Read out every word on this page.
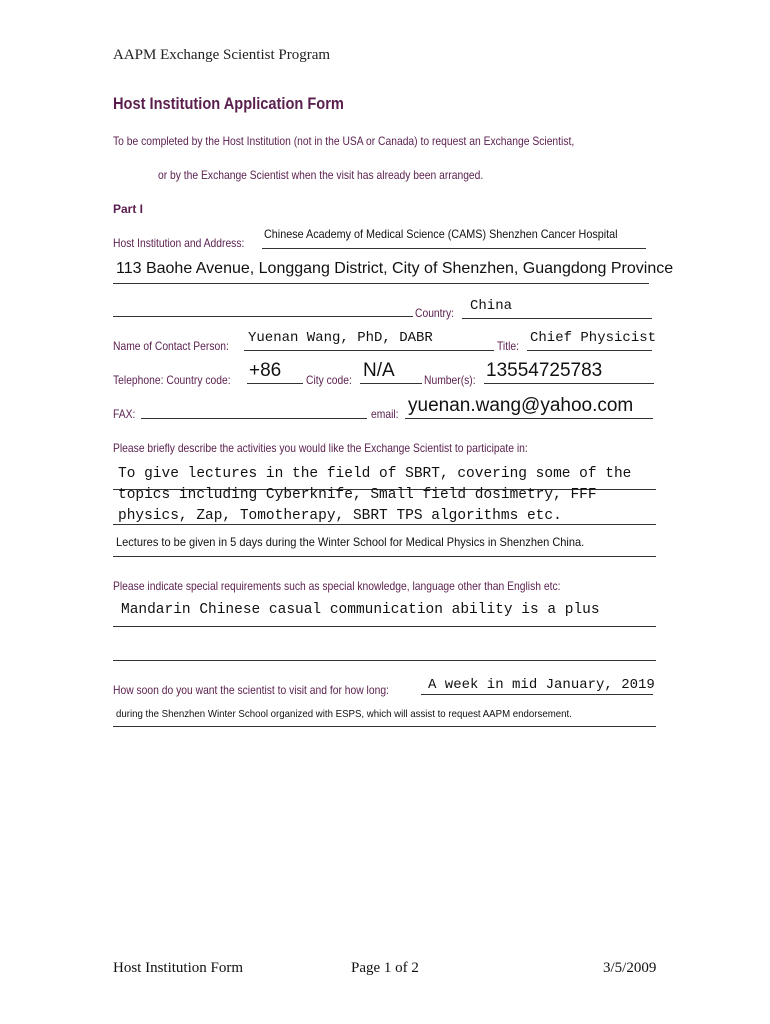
AAPM Exchange Scientist Program
Host Institution Application Form
To be completed by the Host Institution (not in the USA or Canada) to request an Exchange Scientist,
or by the Exchange Scientist when the visit has already been arranged.
Part I
Host Institution and Address:
Chinese Academy of Medical Science (CAMS) Shenzhen Cancer Hospital
113 Baohe Avenue, Longgang District, City of Shenzhen, Guangdong Province
Country: China
Name of Contact Person: Yuenan Wang, PhD, DABR	Title: Chief Physicist
Telephone: Country code: +86 City code: N/A Number(s): 13554725783
FAX:	email: yuenan.wang@yahoo.com
Please briefly describe the activities you would like the Exchange Scientist to participate in:
To give lectures in the field of SBRT, covering some of the
topics including Cyberknife, Small field dosimetry, FFF
physics, Zap, Tomotherapy, SBRT TPS algorithms etc.
Lectures to be given in 5 days during the Winter School for Medical Physics in Shenzhen China.
Please indicate special requirements such as special knowledge, language other than English etc:
Mandarin Chinese casual communication ability is a plus
How soon do you want the scientist to visit and for how long:	A week in mid January, 2019
during the Shenzhen Winter School organized with ESPS, which will assist to request AAPM endorsement.
Host Institution Form	Page 1 of 2	3/5/2009
